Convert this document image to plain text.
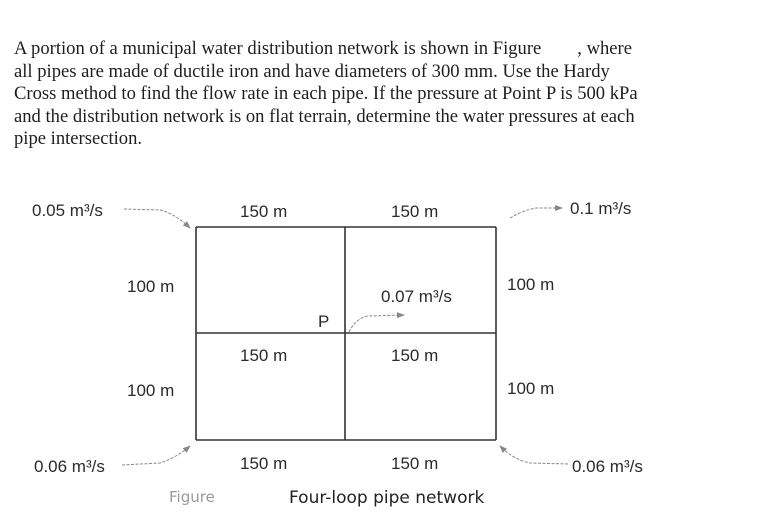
A portion of a municipal water distribution network is shown in Figure , where
all pipes are made of ductile iron and have diameters of 300 mm. Use the Hardy
Cross method to find the flow rate in each pipe. If the pressure at Point P is 500 kPa
and the distribution network is on flat terrain, determine the water pressures at each
pipe intersection.
0.05 m³/s	0.1 m³/s
0.06 m³/s	0.06 m³/s
0.07 m³/s
P
150 m	150 m
150 m	150 m
150 m	150 m
100 m
100 m
100 m
100 m
Figure	Four-loop pipe network
